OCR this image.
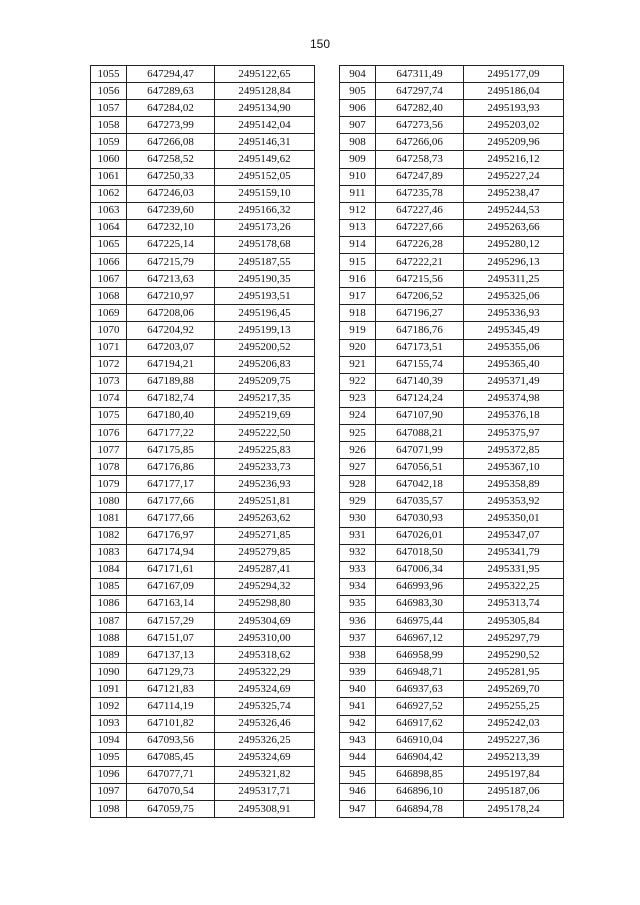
150
1055	647294,47	2495122,65
1056	647289,63	2495128,84
1057	647284,02	2495134,90
1058	647273,99	2495142,04
1059	647266,08	2495146,31
1060	647258,52	2495149,62
1061	647250,33	2495152,05
1062	647246,03	2495159,10
1063	647239,60	2495166,32
1064	647232,10	2495173,26
1065	647225,14	2495178,68
1066	647215,79	2495187,55
1067	647213,63	2495190,35
1068	647210,97	2495193,51
1069	647208,06	2495196,45
1070	647204,92	2495199,13
1071	647203,07	2495200,52
1072	647194,21	2495206,83
1073	647189,88	2495209,75
1074	647182,74	2495217,35
1075	647180,40	2495219,69
1076	647177,22	2495222,50
1077	647175,85	2495225,83
1078	647176,86	2495233,73
1079	647177,17	2495236,93
1080	647177,66	2495251,81
1081	647177,66	2495263,62
1082	647176,97	2495271,85
1083	647174,94	2495279,85
1084	647171,61	2495287,41
1085	647167,09	2495294,32
1086	647163,14	2495298,80
1087	647157,29	2495304,69
1088	647151,07	2495310,00
1089	647137,13	2495318,62
1090	647129,73	2495322,29
1091	647121,83	2495324,69
1092	647114,19	2495325,74
1093	647101,82	2495326,46
1094	647093,56	2495326,25
1095	647085,45	2495324,69
1096	647077,71	2495321,82
1097	647070,54	2495317,71
1098	647059,75	2495308,91
904	647311,49	2495177,09
905	647297,74	2495186,04
906	647282,40	2495193,93
907	647273,56	2495203,02
908	647266,06	2495209,96
909	647258,73	2495216,12
910	647247,89	2495227,24
911	647235,78	2495238,47
912	647227,46	2495244,53
913	647227,66	2495263,66
914	647226,28	2495280,12
915	647222,21	2495296,13
916	647215,56	2495311,25
917	647206,52	2495325,06
918	647196,27	2495336,93
919	647186,76	2495345,49
920	647173,51	2495355,06
921	647155,74	2495365,40
922	647140,39	2495371,49
923	647124,24	2495374,98
924	647107,90	2495376,18
925	647088,21	2495375,97
926	647071,99	2495372,85
927	647056,51	2495367,10
928	647042,18	2495358,89
929	647035,57	2495353,92
930	647030,93	2495350,01
931	647026,01	2495347,07
932	647018,50	2495341,79
933	647006,34	2495331,95
934	646993,96	2495322,25
935	646983,30	2495313,74
936	646975,44	2495305,84
937	646967,12	2495297,79
938	646958,99	2495290,52
939	646948,71	2495281,95
940	646937,63	2495269,70
941	646927,52	2495255,25
942	646917,62	2495242,03
943	646910,04	2495227,36
944	646904,42	2495213,39
945	646898,85	2495197,84
946	646896,10	2495187,06
947	646894,78	2495178,24
